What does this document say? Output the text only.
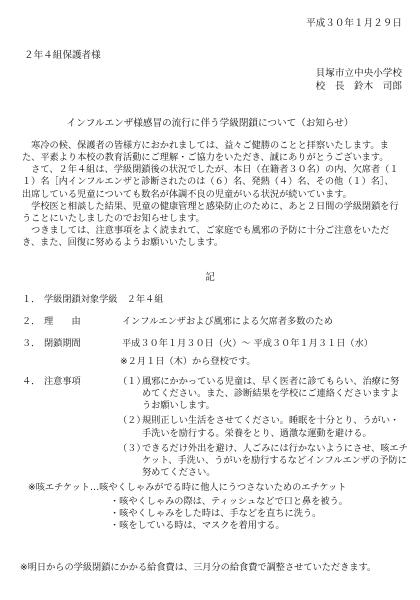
平成３０年１月２９日
２年４組保護者様
貝塚市立中央小学校
校　長　鈴木　司郎
インフルエンザ様感冒の流行に伴う学級閉鎖について（お知らせ）

　寒冷の候、保護者の皆様方におかれましては、益々ご健勝のことと拝察いたします。また、平素より本校の教育活動にご理解・ご協力をいただき、誠にありがとうございます。

　さて、２年４組は、学級閉鎖後の状況でしたが、本日（在籍者３０名）の内、欠席者（１１）名［内インフルエンザと診断されたのは（６）名、発熱（４）名、その他（１）名］、出席している児童についても数名が体調不良の児童がいる状況が続いています。

　学校医と相談した結果、児童の健康管理と感染防止のために、あと２日間の学級閉鎖を行うことにいたしましたのでお知らせします。

　つきましては、注意事項をよく読まれて、ご家庭でも風邪の予防に十分ご注意をいただき、また、回復に努めるようお願いいたします。

記
１． 学級閉鎖対象学級　 ２年４組
２． 理　　由	インフルエンザおよび風邪による欠席者多数のため
３． 閉鎖期間	平成３０年１月３０日（火）〜 平成３０年１月３１日（水）
※２月１日（木）から登校です。
４． 注意事項	（１）
風邪にかかっている児童は、早く医者に診てもらい、治療に努めてください。また、診断結果を学校にご連絡くださいますようお願いします。
（２）
規則正しい生活をさせてください。睡眠を十分とり、うがい・手洗いを励行する。栄養をとり、過激な運動を避ける。
（３）
できるだけ外出を避け、人ごみには行かないようにさせ、咳エチケット、手洗い、うがいを励行するなどインフルエンザの予防に努めてください。
※咳エチケット…咳やくしゃみがでる時に他人にうつさないためのエチケット
・咳やくしゃみの際は、ティッシュなどで口と鼻を被う。
・咳やくしゃみをした時は、手などを直ちに洗う。
・咳をしている時は、マスクを着用する。
※明日からの学級閉鎖にかかる給食費は、三月分の給食費で調整させていただきます。
